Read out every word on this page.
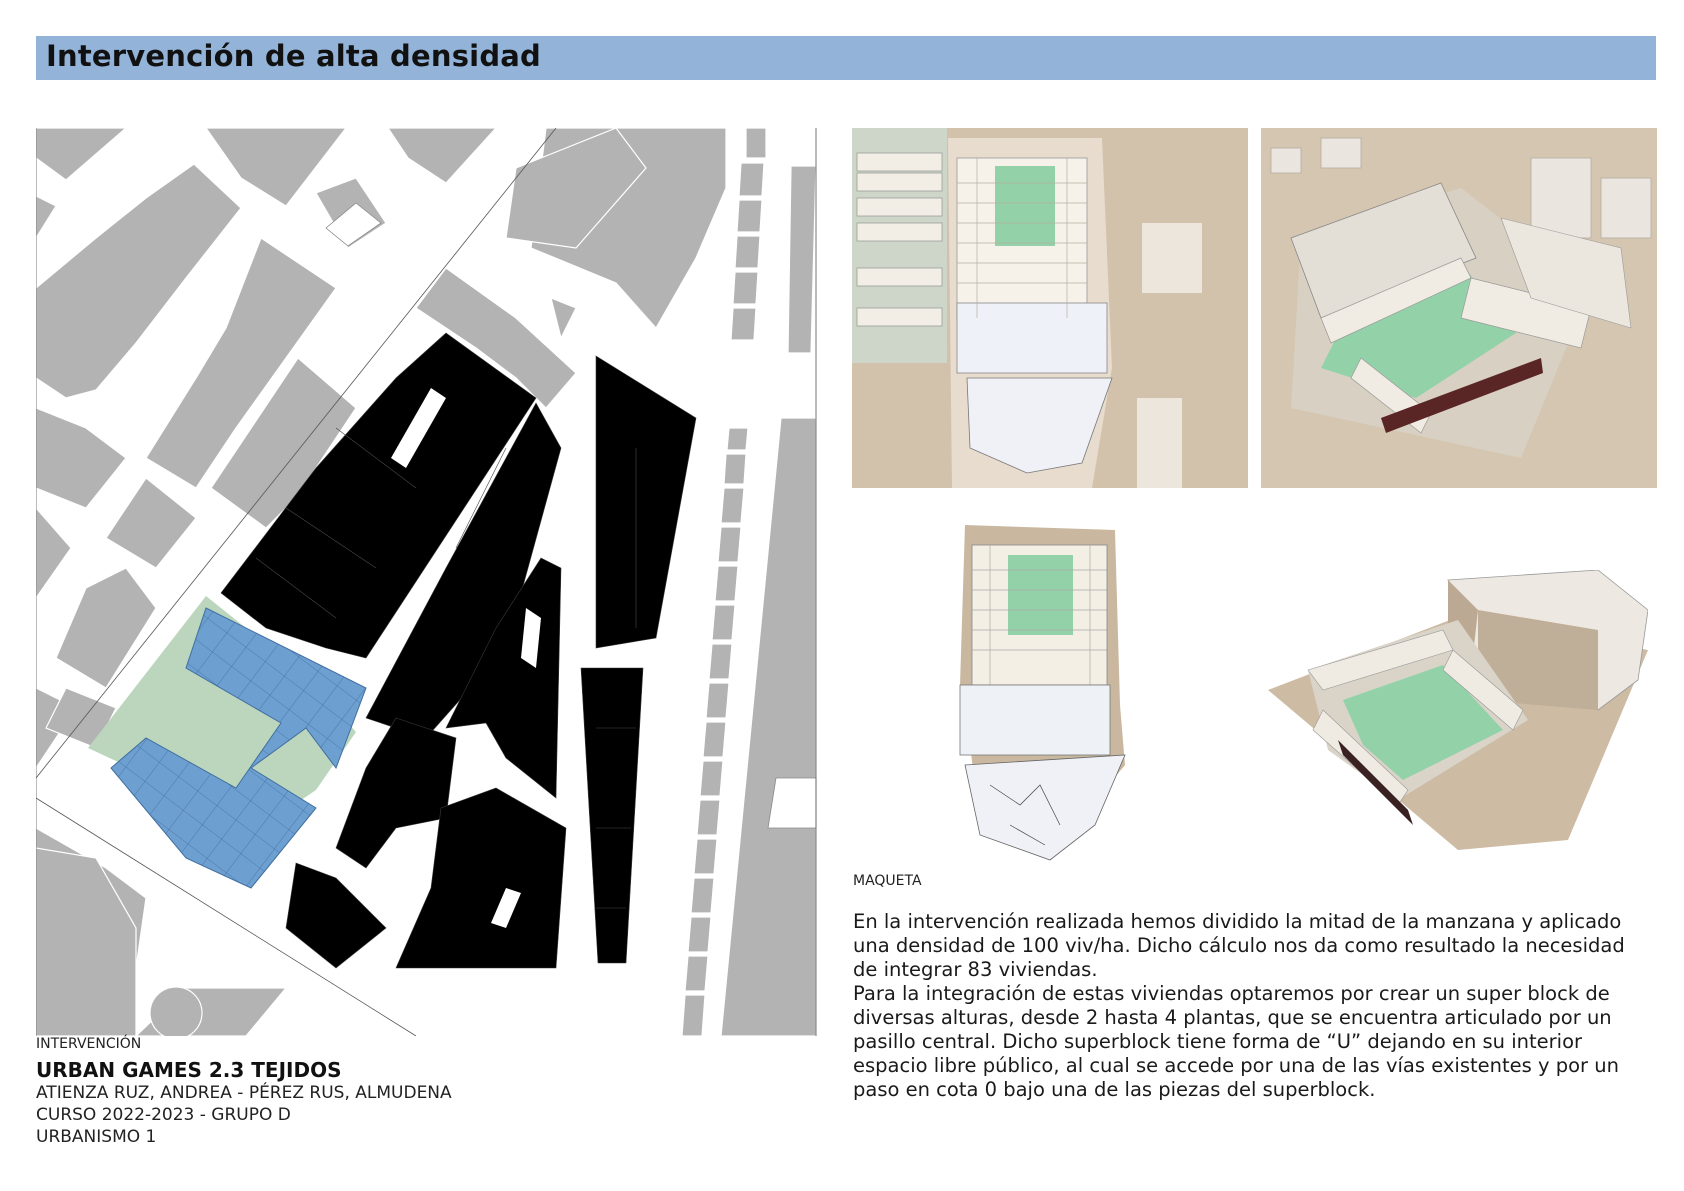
Intervención de alta densidad
INTERVENCIÓN
MAQUETA
URBAN GAMES 2.3 TEJIDOS
ATIENZA RUZ, ANDREA - PÉREZ RUS, ALMUDENA
CURSO 2022-2023 - GRUPO D
URBANISMO 1

En la intervención realizada hemos dividido la mitad de la manzana y aplicado una densidad de 100 viv/ha. Dicho cálculo nos da como resultado la necesidad de integrar 83 viviendas.

Para la integración de estas viviendas optaremos por crear un super block de diversas alturas, desde 2 hasta 4 plantas, que se encuentra articulado por un pasillo central. Dicho superblock tiene forma de “U” dejando en su interior espacio libre público, al cual se accede por una de las vías existentes y por un paso en cota 0 bajo una de las piezas del superblock.
